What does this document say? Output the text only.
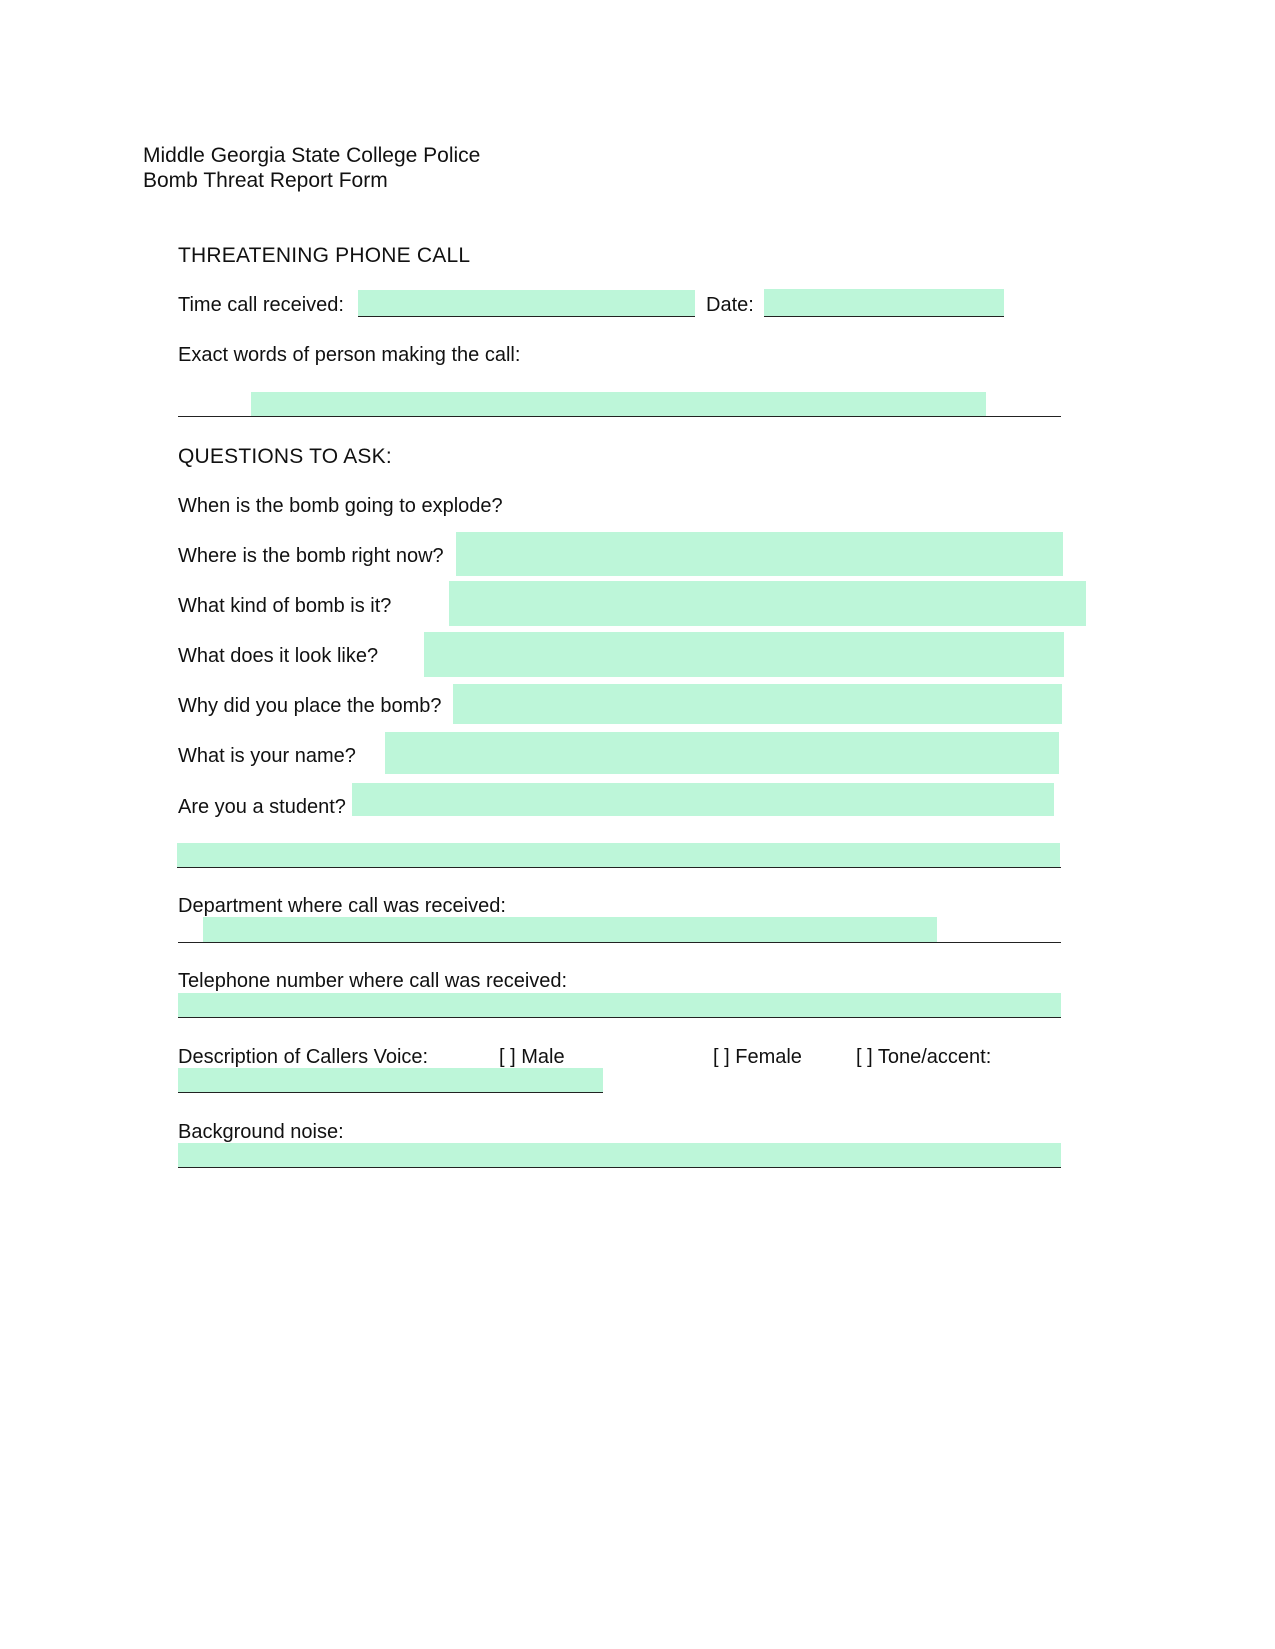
Middle Georgia State College Police
Bomb Threat Report Form
THREATENING PHONE CALL
Time call received:	Date:
Exact words of person making the call:
QUESTIONS TO ASK:
When is the bomb going to explode?
Where is the bomb right now?
What kind of bomb is it?
What does it look like?
Why did you place the bomb?
What is your name?
Are you a student?
Department where call was received:
Telephone number where call was received:
Description of Callers Voice:	[ ] Male	[ ] Female	[ ] Tone/accent:
Background noise:
